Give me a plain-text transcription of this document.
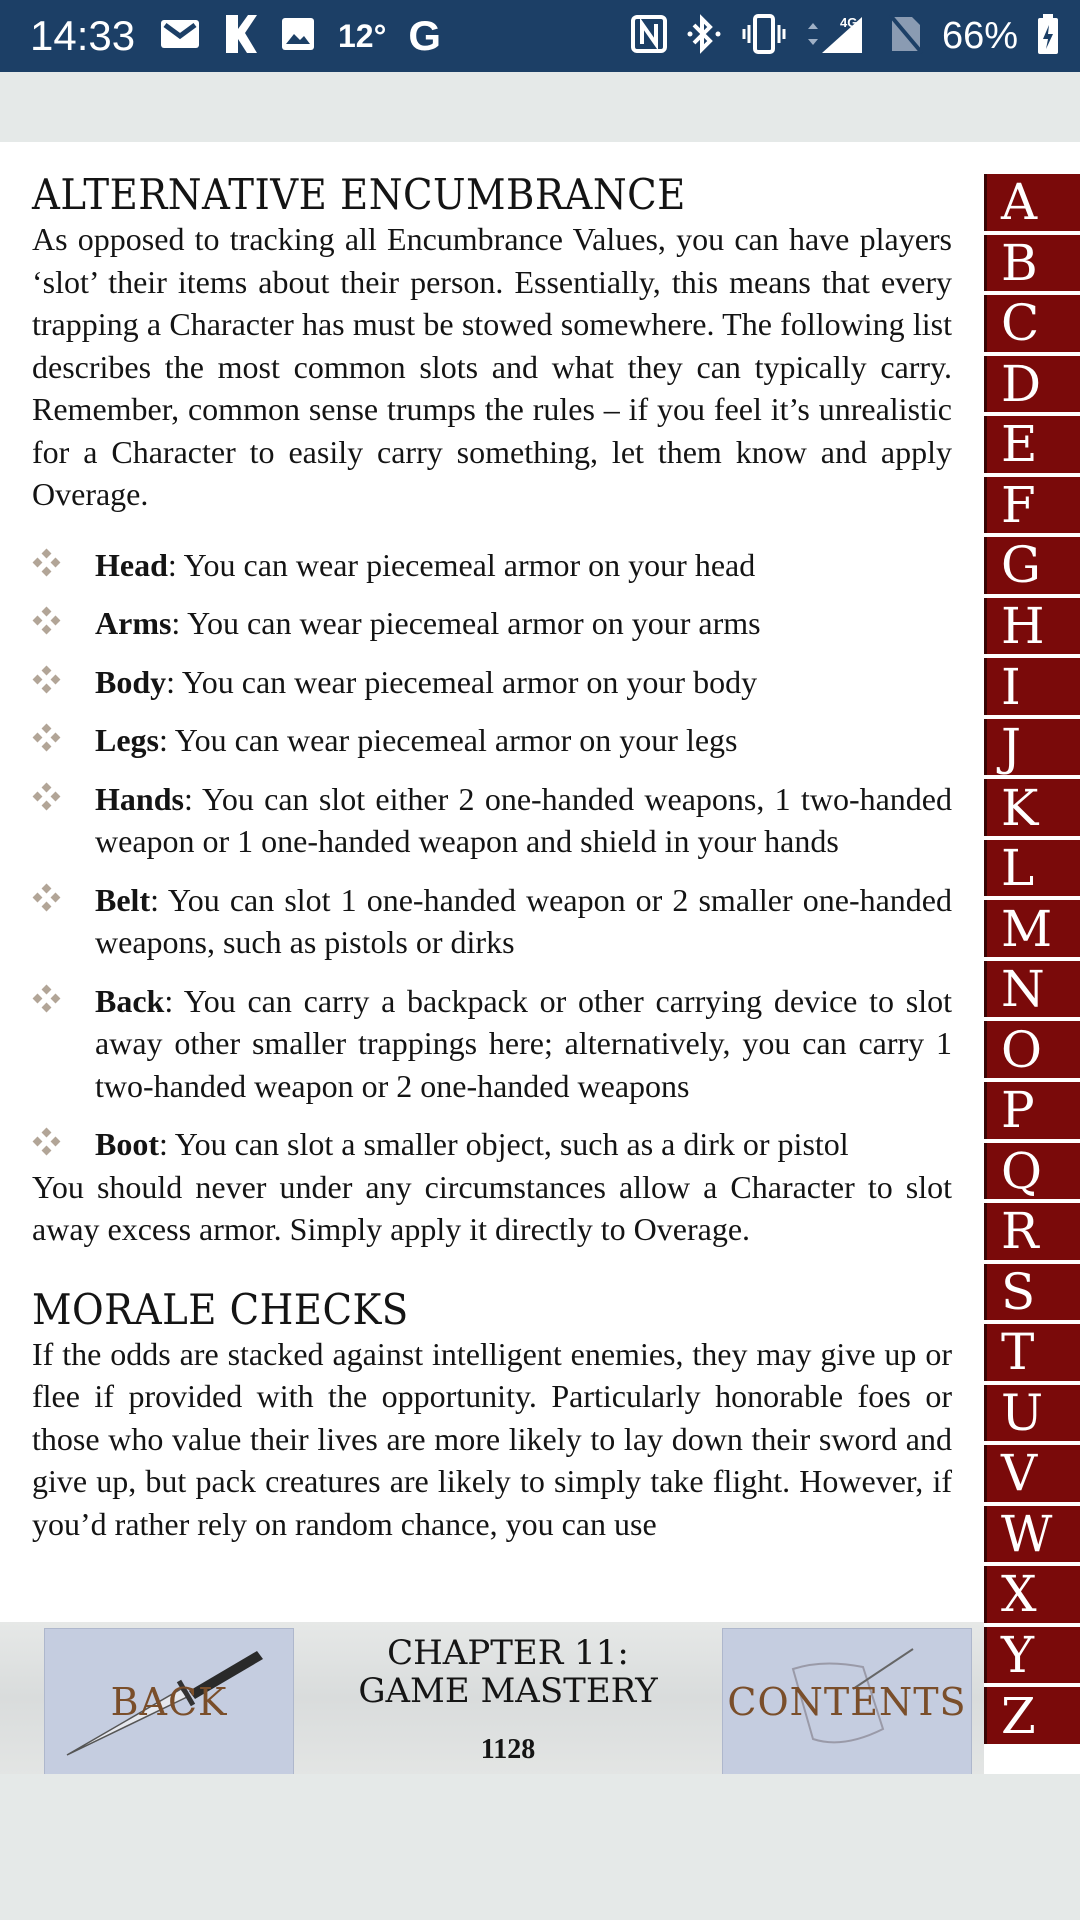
14:33	12° G	4G 66%
ALTERNATIVE ENCUMBRANCE

As opposed to tracking all Encumbrance Values, you can have players ‘slot’ their items about their person. Essentially, this means that every trapping a Character has must be stowed somewhere. The following list describes the most common slots and what they can typically carry. Remember, common sense trumps the rules – if you feel it’s unrealistic for a Character to easily carry something, let them know and apply Overage.

Head: You can wear piecemeal armor on your head
Arms: You can wear piecemeal armor on your arms
Body: You can wear piecemeal armor on your body
Legs: You can wear piecemeal armor on your legs
Hands: You can slot either 2 one-handed weapons, 1 two-handed weapon or 1 one-handed weapon and shield in your hands
Belt: You can slot 1 one-handed weapon or 2 smaller one-handed weapons, such as pistols or dirks
Back: You can carry a backpack or other carrying device to slot away other smaller trappings here; alternatively, you can carry 1 two-handed weapon or 2 one-handed weapons
Boot: You can slot a smaller object, such as a dirk or pistol

You should never under any circumstances allow a Character to slot away excess armor. Simply apply it directly to Overage.

MORALE CHECKS

If the odds are stacked against intelligent enemies, they may give up or flee if provided with the opportunity. Particularly honorable foes or those who value their lives are more likely to lay down their sword and give up, but pack creatures are likely to simply take flight. However, if you’d rather rely on random chance, you can use

BACK
CHAPTER 11:
GAME MASTERY
1128
CONTENTS
A
B
C
D
E
F
G
H
I
J
K
L
M
N
O
P
Q
R
S
T
U
V
W
X
Y
Z
